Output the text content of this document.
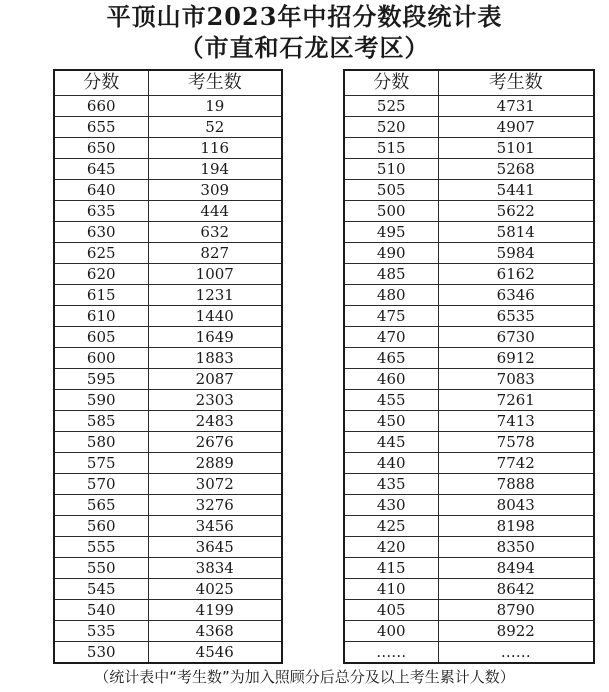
平顶山市2023年中招分数段统计表
（市直和石龙区考区）
分数	考生数
660	19
655	52
650	116
645	194
640	309
635	444
630	632
625	827
620	1007
615	1231
610	1440
605	1649
600	1883
595	2087
590	2303
585	2483
580	2676
575	2889
570	3072
565	3276
560	3456
555	3645
550	3834
545	4025
540	4199
535	4368
530	4546
分数	考生数
525	4731
520	4907
515	5101
510	5268
505	5441
500	5622
495	5814
490	5984
485	6162
480	6346
475	6535
470	6730
465	6912
460	7083
455	7261
450	7413
445	7578
440	7742
435	7888
430	8043
425	8198
420	8350
415	8494
410	8642
405	8790
400	8922
……	……
（统计表中“考生数”为加入照顾分后总分及以上考生累计人数）
